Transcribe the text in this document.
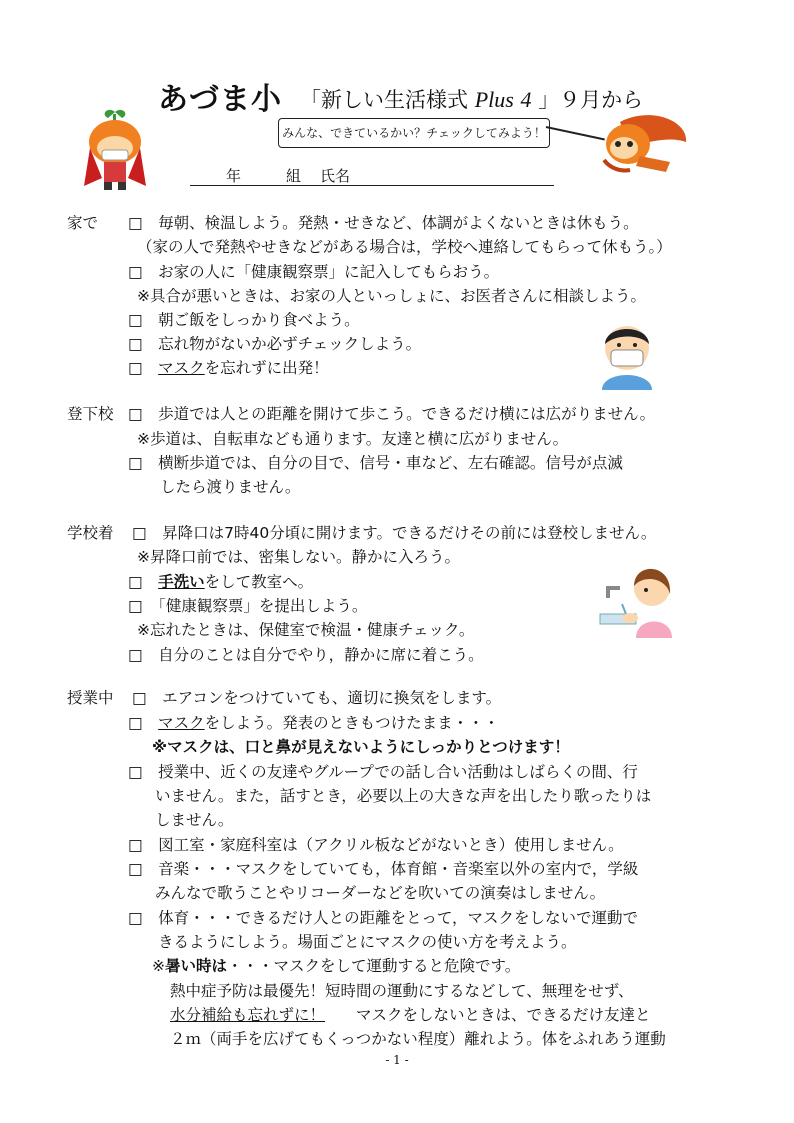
あづま小 「新しい生活様式 Plus 4 」９月から
みんな、できているかい？チェックしてみよう！
年	組 氏名
家で □　毎朝、検温しよう。発熱・せきなど、体調がよくないときは休もう。
（家の人で発熱やせきなどがある場合は，学校へ連絡してもらって休もう。）
□　お家の人に「健康観察票」に記入してもらおう。
※具合が悪いときは、お家の人といっしょに、お医者さんに相談しよう。
□　朝ご飯をしっかり食べよう。
□　忘れ物がないか必ずチェックしよう。
□　マスクを忘れずに出発！
登下校 □　歩道では人との距離を開けて歩こう。できるだけ横には広がりません。
※歩道は、自転車なども通ります。友達と横に広がりません。
□　横断歩道では、自分の目で、信号・車など、左右確認。信号が点滅
したら渡りません。
学校着 □　昇降口は7時40分頃に開けます。できるだけその前には登校しません。
※昇降口前では、密集しない。静かに入ろう。
□　手洗いをして教室へ。
□　「健康観察票」を提出しよう。
※忘れたときは、保健室で検温・健康チェック。
□　自分のことは自分でやり，静かに席に着こう。
授業中 □　エアコンをつけていても、適切に換気をします。
□　マスクをしよう。発表のときもつけたまま・・・
※マスクは、口と鼻が見えないようにしっかりとつけます！
□　授業中、近くの友達やグループでの話し合い活動はしばらくの間、行
いません。また，話すとき，必要以上の大きな声を出したり歌ったりは
しません。
□　図工室・家庭科室は（アクリル板などがないとき）使用しません。
□　音楽・・・マスクをしていても，体育館・音楽室以外の室内で，学級
みんなで歌うことやリコーダーなどを吹いての演奏はしません。
□　体育・・・できるだけ人との距離をとって，マスクをしないで運動で
きるようにしよう。場面ごとにマスクの使い方を考えよう。
※暑い時は・・・マスクをして運動すると危険です。
熱中症予防は最優先！短時間の運動にするなどして、無理をせず、
水分補給も忘れずに！　　マスクをしないときは、できるだけ友達と
２ｍ（両手を広げてもくっつかない程度）離れよう。体をふれあう運動
- 1 -
